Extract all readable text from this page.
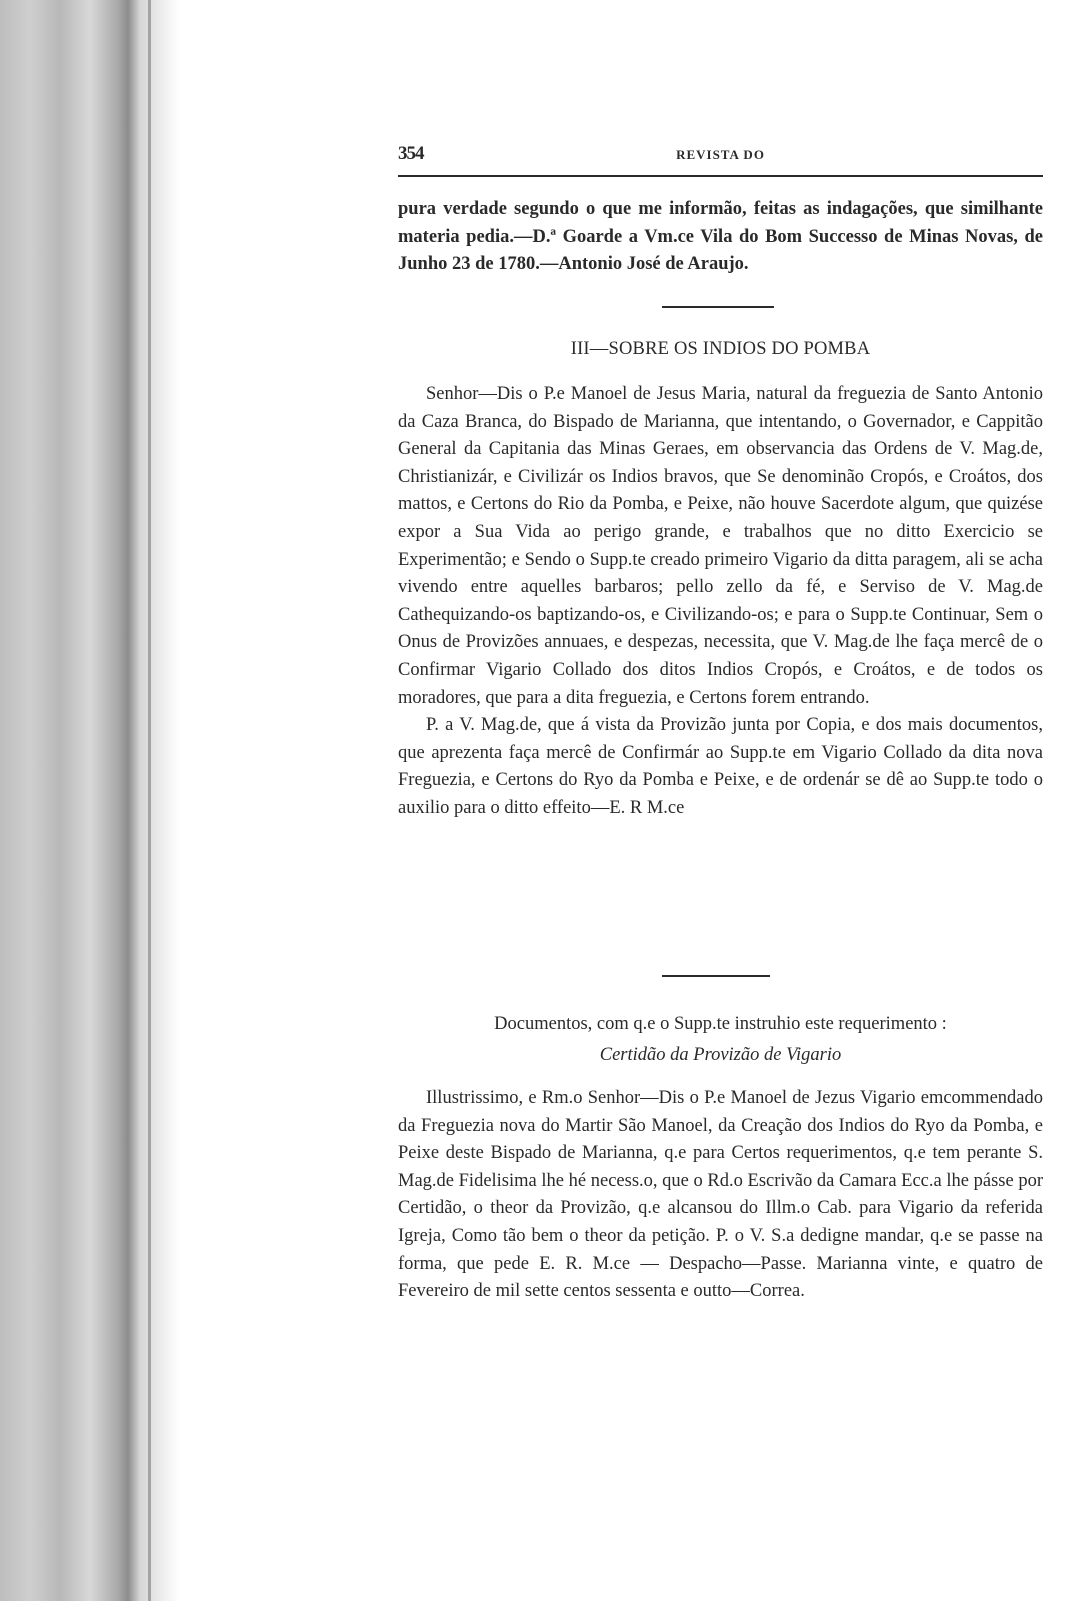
354	REVISTA DO

pura verdade segundo o que me informão, feitas as indagações, que similhante materia pedia.—D.ª Goarde a Vm.ce Vila do Bom Successo de Minas Novas, de Junho 23 de 1780.—Antonio José de Araujo.

III—SOBRE OS INDIOS DO POMBA

Senhor—Dis o P.e Manoel de Jesus Maria, natural da freguezia de Santo Antonio da Caza Branca, do Bispado de Marianna, que intentando, o Governador, e Cappitão General da Capitania das Minas Geraes, em observancia das Ordens de V. Mag.de, Christianizár, e Civilizár os Indios bravos, que Se denominão Cropós, e Croátos, dos mattos, e Certons do Rio da Pomba, e Peixe, não houve Sacerdote algum, que quizése expor a Sua Vida ao perigo grande, e trabalhos que no ditto Exercicio se Experimentão; e Sendo o Supp.te creado primeiro Vigario da ditta paragem, ali se acha vivendo entre aquelles barbaros; pello zello da fé, e Serviso de V. Mag.de Cathequizando-os baptizando-os, e Civilizando-os; e para o Supp.te Continuar, Sem o Onus de Provizões annuaes, e despezas, necessita, que V. Mag.de lhe faça mercê de o Confirmar Vigario Collado dos ditos Indios Cropós, e Croátos, e de todos os moradores, que para a dita freguezia, e Certons forem entrando.

P. a V. Mag.de, que á vista da Provizão junta por Copia, e dos mais documentos, que aprezenta faça mercê de Confirmár ao Supp.te em Vigario Collado da dita nova Freguezia, e Certons do Ryo da Pomba e Peixe, e de ordenár se dê ao Supp.te todo o auxilio para o ditto effeito—E. R M.ce

Documentos, com q.e o Supp.te instruhio este requerimento :
Certidão da Provizão de Vigario

Illustrissimo, e Rm.o Senhor—Dis o P.e Manoel de Jezus Vigario emcommendado da Freguezia nova do Martir São Manoel, da Creação dos Indios do Ryo da Pomba, e Peixe deste Bispado de Marianna, q.e para Certos requerimentos, q.e tem perante S. Mag.de Fidelisima lhe hé necess.o, que o Rd.o Escrivão da Camara Ecc.a lhe pásse por Certidão, o theor da Provizão, q.e alcansou do Illm.o Cab. para Vigario da referida Igreja, Como tão bem o theor da petição. P. o V. S.a dedigne mandar, q.e se passe na forma, que pede E. R. M.ce — Despacho—Passe. Marianna vinte, e quatro de Fevereiro de mil sette centos sessenta e outto—Correa.
